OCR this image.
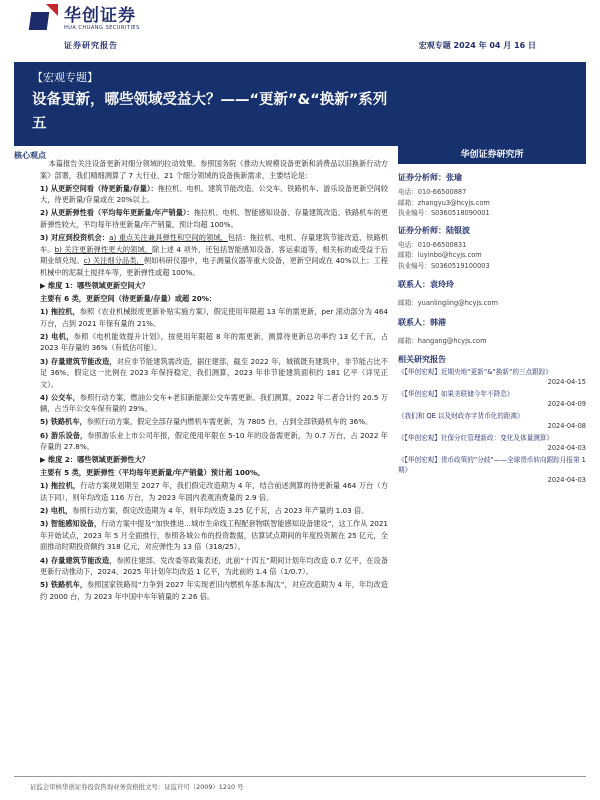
华创证券
HUA CHUANG SECURITIES
证券研究报告	宏观专题 2024 年 04 月 16 日
【宏观专题】
设备更新，哪些领域受益大？——“更新”&“换新”系列五
核心观点

本篇报告关注设备更新对细分领域的拉动效果。参照国务院《推动大规模设备更新和消费品以旧换新行动方案》部署，我们精细测算了 7 大行业、21 个细分领域的设备换新需求，主要结论是：

1) 从更新空间看（待更新量/存量）：拖拉机、电机、建筑节能改造、公交车、铁路机车、游乐设备更新空间较大，待更新量/存量或在 20%以上。

2) 从更新弹性看（平均每年更新量/年产销量）：拖拉机、电机、智能感知设备、存量建筑改造、铁路机车的更新弹性较大，平均每年待更新量/年产销量，预计均超 100%。

3) 对应到投资机会：a) 重点关注兼具弹性和空间的领域，包括：拖拉机、电机、存量建筑节能改造、铁路机车。b) 关注更新弹性更大的领域，除上述 4 项外，还包括智能感知设备、客运索道等，相关标的或受益于后期业绩兑现。c) 关注细分品类，例如科研仪器中，电子测量仪器等重大设备，更新空间或在 40%以上；工程机械中的泥凝土搅拌车等，更新弹性或超 100%。

▶ 维度 1：哪些领域更新空间大？

主要有 6 类，更新空间（待更新量/存量）或超 20%：

1) 拖拉机，参照《农业机械报废更新补贴实施方案》，假定使用年限超 13 年的需更新，per 滚动部分为 464 万台，占到 2021 年保有量的 21%。

2) 电机，参照《电机能效提升计划》，按使用年限超 8 年的需更新，测算待更新总功率约 13 亿千瓦，占 2023 年存量的 36%（有低估可能）。

3) 存量建筑节能改造，对应非节能建筑需改造，据住建部，截至 2022 年，城镇既有建筑中，非节能占比不足 36%。假定这一比例在 2023 年保持稳定，我们测算，2023 年非节能建筑面积约 181 亿平（详见正文）。

4) 公交车，参照行动方案，燃油公交车+老旧新能源公交车需更新。我们测算，2022 年二者合计约 20.5 万辆，占当年公交车保有量的 29%。

5) 铁路机车，参照行动方案，假定全部存量内燃机车需更新，为 7805 台，占到全部铁路机车的 36%。

6) 游乐设备，参照游乐业上市公司年报，假定使用年限在 5-10 年的设备需更新，为 0.7 万台，占 2022 年存量的 27.8%。

▶ 维度 2：哪些领域更新弹性大？

主要有 5 类，更新弹性（平均每年更新量/年产销量）预计超 100%。

1) 拖拉机，行动方案规划期至 2027 年，我们假定改造期为 4 年，结合前述测算的待更新量 464 万台（方法下同），则年均改造 116 万台，为 2023 年国内表观消费量的 2.9 倍。

2) 电机，参照行动方案，假定改造期为 4 年，则年均改造 3.25 亿千瓦，占 2023 年产量的 1.03 倍。

3) 智能感知设备，行动方案中提及“加快推进...城市生命线工程配套物联智能感知设备建设”，这工作从 2021 年开始试点，2023 年 5 月全面推行，参照各城公布的投资数据，估算试点期间的年度投资额在 25 亿元，全面推动时期投资额约 318 亿元，对应弹性为 13 倍（318/25）。

4) 存量建筑节能改造，参照住建部、发改委等政策表述，此前“十四五”期间计划年均改造 0.7 亿平，在设备更新行动推动下，2024、2025 年计划年均改造 1 亿平，为此前的 1.4 倍（1/0.7）。

5) 铁路机车，参照国家铁路局“力争到 2027 年实现老旧内燃机车基本淘汰”，对应改造期为 4 年，年均改造约 2000 台，为 2023 年中国中车年销量的 2.26 倍。

华创证券研究所
证券分析师：张瑜
电话：010-66500887
邮箱：zhangyu3@hcyjs.com
执业编号：S0360518090001
证券分析师：陆银波
电话：010-66500831
邮箱：luyinbo@hcyjs.com
执业编号：S0360519100003
联系人：袁玲玲
邮箱：yuanlingling@hcyjs.com
联系人：韩港
邮箱：hangang@hcyjs.com
相关研究报告
《【华创宏观】近期央地“更新”&“换新”的三点跟踪》
2024-04-15
《【华创宏观】如果美联储今年不降息》
2024-04-09
《我们和 QE 以及财政赤字货币化的距离》
2024-04-08
《【华创宏观】社保分红管理新政：变化及体量测算》
2024-04-03
《【华创宏观】货币政策的“分歧”——全球货币转向跟踪月报第 1 期》
2024-04-03
证监会审核华创证券投资咨询业务资格批文号：证监许可（2009）1210 号
